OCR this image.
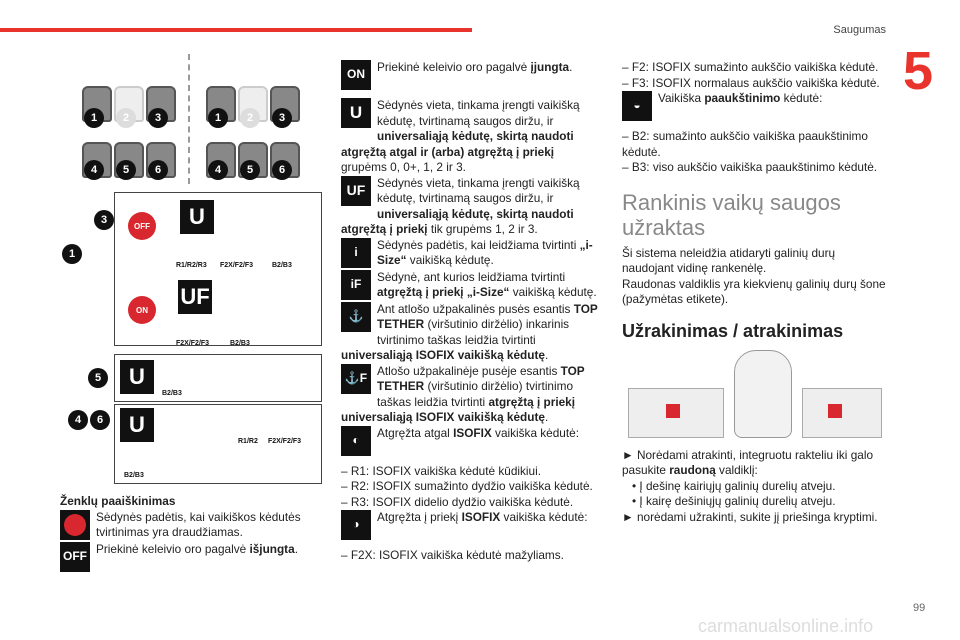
Saugumas
5
99
carmanualsonline.info
1	2	3
4	5	6
1	2	3
4	5	6
3
1
OFF	U
R1/R2/R3 F2X/F2/F3	B2/B3
ON
UF
F2X/F2/F3	B2/B3
5	U
B2/B3
4	6	U
R1/R2 F2X/F2/F3
B2/B3

Ženklų paaiškinimas

Sėdynės padėtis, kai vaikiškos kėdutės tvirtinimas yra draudžiamas.

OFF
Priekinė keleivio oro pagalvė išjungta.

ON
Priekinė keleivio oro pagalvė įjungta.

U	Sėdynės vieta, tinkama įrengti vaikišką kėdutę, tvirtinamą saugos diržu, ir universaliąją kėdutę, skirtą naudoti atgręžtą atgal ir (arba) atgręžtą į priekį grupėms 0, 0+, 1, 2 ir 3.

UF Sėdynės vieta, tinkama įrengti vaikišką kėdutę, tvirtinamą saugos diržu, ir universaliąją kėdutę, skirtą naudoti atgręžtą į priekį tik grupėms 1, 2 ir 3.

i
Sėdynės padėtis, kai leidžiama tvirtinti „i-Size“ vaikišką kėdutę.

iF
Sėdynė, ant kurios leidžiama tvirtinti atgręžtą į priekį „i-Size“ vaikišką kėdutę.

⚓
Ant atlošo užpakalinės pusės esantis TOP TETHER (viršutinio diržėlio) inkarinis tvirtinimo taškas leidžia tvirtinti universaliąją ISOFIX vaikišką kėdutę.

⚓F
Atlošo užpakalinėje pusėje esantis TOP TETHER (viršutinio diržėlio) tvirtinimo taškas leidžia tvirtinti atgręžtą į priekį universaliąją ISOFIX vaikišką kėdutę.

◐
Atgręžta atgal ISOFIX vaikiška kėdutė:

– R1: ISOFIX vaikiška kėdutė kūdikiui.

– R2: ISOFIX sumažinto dydžio vaikiška kėdutė.

– R3: ISOFIX didelio dydžio vaikiška kėdutė.

◑
Atgręžta į priekį ISOFIX vaikiška kėdutė:

– F2X: ISOFIX vaikiška kėdutė mažyliams.

– F2: ISOFIX sumažinto aukščio vaikiška kėdutė.

– F3: ISOFIX normalaus aukščio vaikiška kėdutė.

◒
Vaikiška paaukštinimo kėdutė:

– B2: sumažinto aukščio vaikiška paaukštinimo kėdutė.

– B3: viso aukščio vaikiška paaukštinimo kėdutė.

Rankinis vaikų saugos užraktas

Ši sistema neleidžia atidaryti galinių durų naudojant vidinę rankenėlę.

Raudonas valdiklis yra kiekvienų galinių durų šone (pažymėtas etikete).

Užrakinimas / atrakinimas

► Norėdami atrakinti, integruotu rakteliu iki galo pasukite raudoną valdiklį:

• Į dešinę kairiųjų galinių durelių atveju.

• Į kairę dešiniųjų galinių durelių atveju.

► norėdami užrakinti, sukite jį priešinga kryptimi.
